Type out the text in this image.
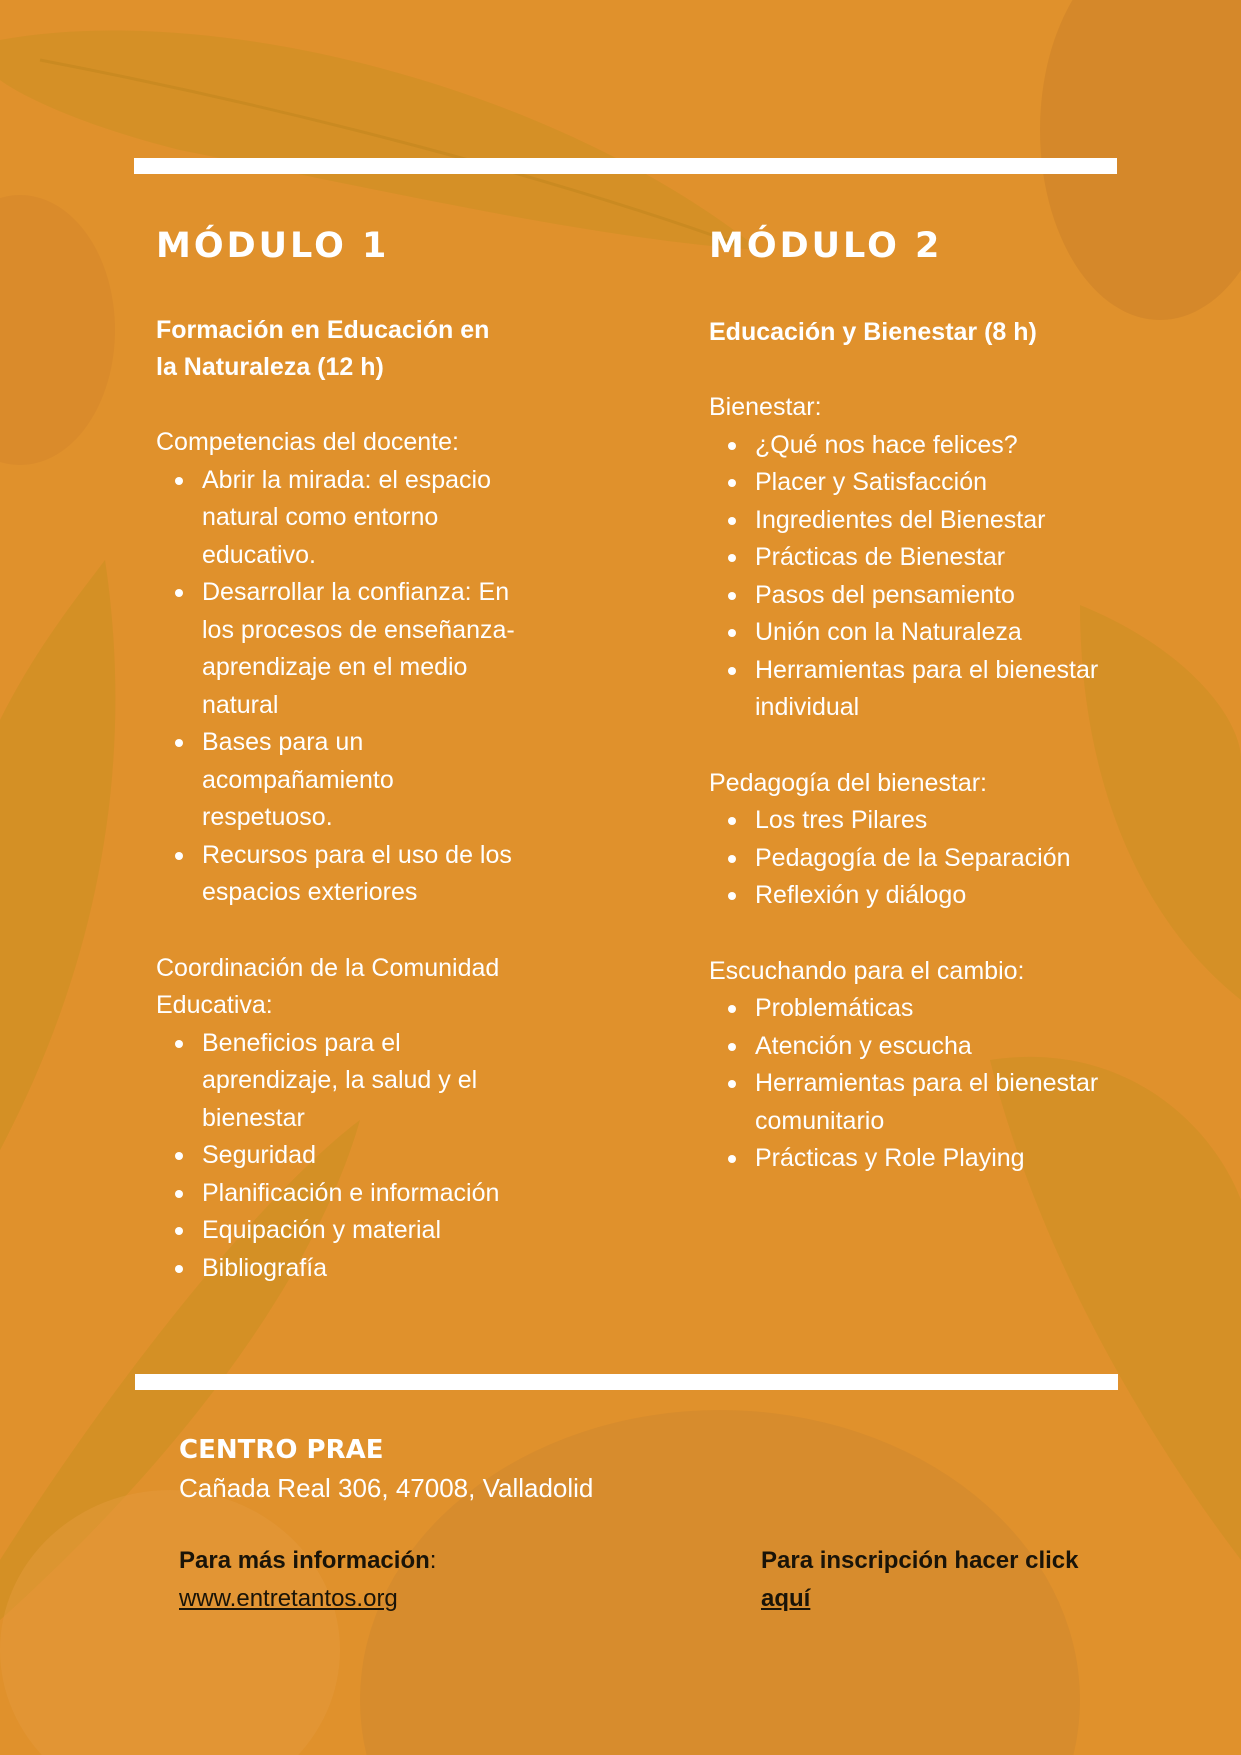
MÓDULO 1
Formación en Educación en
la Naturaleza (12 h)
Competencias del docente:
Abrir la mirada: el espacio natural como entorno educativo.
Desarrollar la confianza: En los procesos de enseñanza-aprendizaje en el medio natural
Bases para un acompañamiento respetuoso.
Recursos para el uso de los espacios exteriores
Coordinación de la Comunidad Educativa:
Beneficios para el aprendizaje, la salud y el bienestar
Seguridad
Planificación e información
Equipación y material
Bibliografía
MÓDULO 2
Educación y Bienestar (8 h)
Bienestar:
¿Qué nos hace felices?
Placer y Satisfacción
Ingredientes del Bienestar
Prácticas de Bienestar
Pasos del pensamiento
Unión con la Naturaleza
Herramientas para el bienestar individual
Pedagogía del bienestar:
Los tres Pilares
Pedagogía de la Separación
Reflexión y diálogo
Escuchando para el cambio:
Problemáticas
Atención y escucha
Herramientas para el bienestar comunitario
Prácticas y Role Playing
CENTRO PRAE
Cañada Real 306, 47008, Valladolid
Para más información:
www.entretantos.org
Para inscripción hacer click aquí
